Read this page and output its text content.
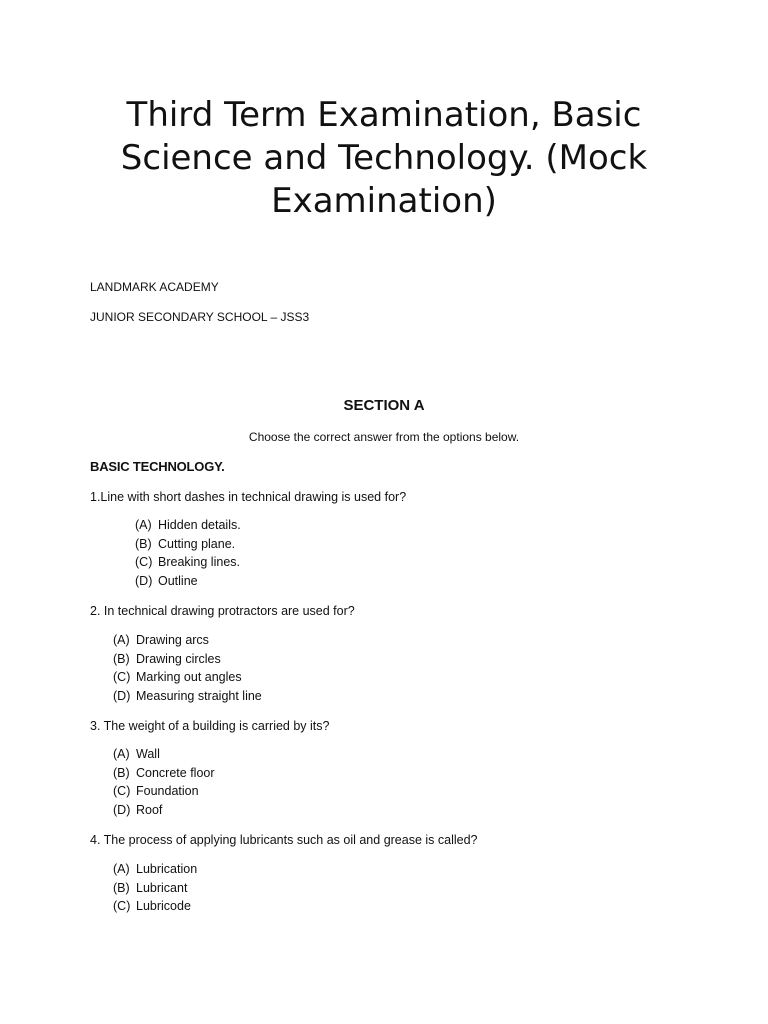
Third Term Examination, Basic Science and Technology. (Mock Examination)

LANDMARK ACADEMY

JUNIOR SECONDARY SCHOOL – JSS3

SECTION A

Choose the correct answer from the options below.

BASIC TECHNOLOGY.

1.Line with short dashes in technical drawing is used for?

(A) Hidden details.
(B) Cutting plane.
(C) Breaking lines.
(D) Outline

2. In technical drawing protractors are used for?

(A) Drawing arcs
(B) Drawing circles
(C) Marking out angles
(D) Measuring straight line

3. The weight of a building is carried by its?

(A) Wall
(B) Concrete floor
(C) Foundation
(D) Roof

4. The process of applying lubricants such as oil and grease is called?

(A) Lubrication
(B) Lubricant
(C) Lubricode
